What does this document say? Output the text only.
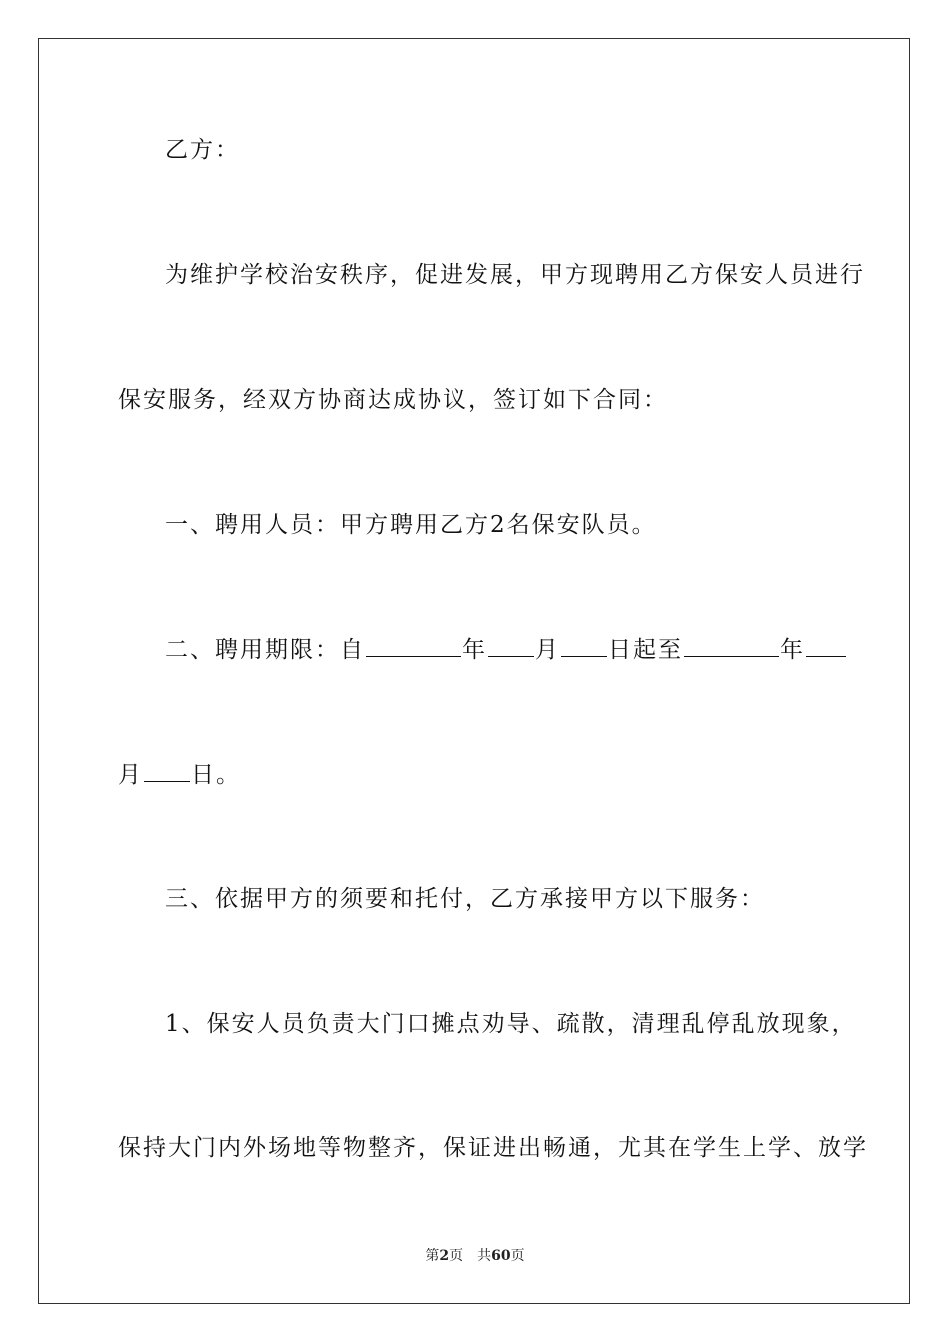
乙方：
为维护学校治安秩序，促进发展，甲方现聘用乙方保安人员进行
保安服务，经双方协商达成协议，签订如下合同：
一、聘用人员：甲方聘用乙方2名保安队员。
二、聘用期限：自	年 月 日起至	年
月 日。
三、依据甲方的须要和托付，乙方承接甲方以下服务：
1、保安人员负责大门口摊点劝导、疏散，清理乱停乱放现象，
保持大门内外场地等物整齐，保证进出畅通，尤其在学生上学、放学
第2页 共60页
